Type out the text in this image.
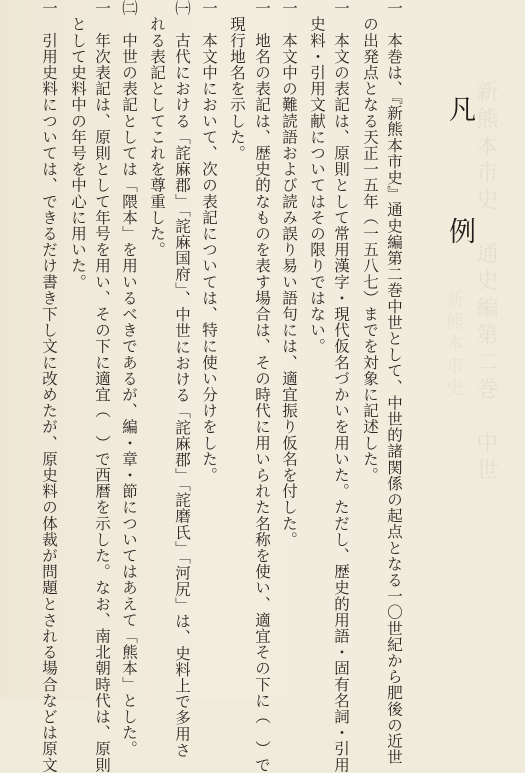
新熊本市史　通史編第二巻　中世
新熊本市史
凡　例
一　本巻は、『新熊本市史』通史編第二巻中世として、中世的諸関係の起点となる一〇世紀から肥後の近世
　の出発点となる天正一五年（一五八七）までを対象に記述した。
一　本文の表記は、原則として常用漢字・現代仮名づかいを用いた。ただし、歴史的用語・固有名詞・引用
　史料・引用文献についてはその限りではない。
一　本文中の難読語および読み誤り易い語句には、適宜振り仮名を付した。
一　地名の表記は、歴史的なものを表す場合は、その時代に用いられた名称を使い、適宜その下に（　）で
　現行地名を示した。
一　本文中において、次の表記については、特に使い分けをした。
㈠　古代における「詫麻郡」「詫麻国府」、中世における「詫麻郡」「詫磨氏」「河尻」は、史料上で多用さ
　れる表記としてこれを尊重した。
㈡　中世の表記としては「隈本」を用いるべきであるが、編・章・節についてはあえて「熊本」とした。
一　年次表記は、原則として年号を用い、その下に適宜（　）で西暦を示した。なお、南北朝時代は、原則
　として史料中の年号を中心に用いた。
一　引用史料については、できるだけ書き下し文に改めたが、原史料の体裁が問題とされる場合などは原文
